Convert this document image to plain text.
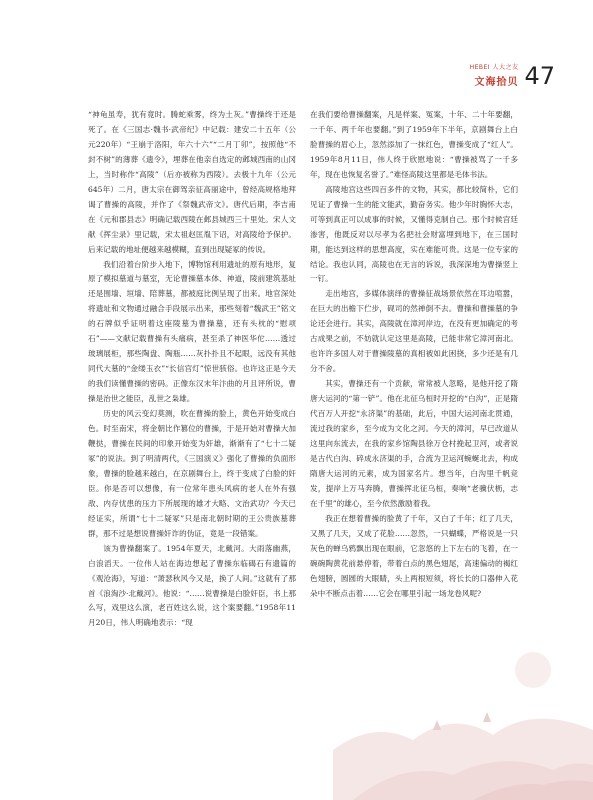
HEBEI 人大之友
文海拾贝 47

“神龟虽寿，犹有竟时。腾蛇乘雾，终为土灰。”曹操终于还是死了。在《三国志·魏书·武帝纪》中记载：建安二十五年（公元220年）“王崩于洛阳，年六十六”“二月丁卯”，按照他“不封不树”的薄葬《遗令》，埋葬在他亲自选定的邺城西南的山冈上，当时称作“高陵”（后亦被称为西陵）。去极十九年（公元645年）二月，唐太宗在御驾亲征高丽途中，曾经高规格地拜谒了曹操的高陵，并作了《祭魏武帝文》。唐代后期，李吉甫在《元和郡县志》明确记载西陵在邺县城西三十里处。宋人文献《挥尘录》里记载，宋太祖赵匡胤下诏，对高陵给予保护。后来记载的地址便越来越模糊，直到出现疑冢的传说。

我们沿着台阶步入地下，博物馆利用遗址的原有地形，复原了模拟墓道与墓室，无论曹操墓本体、神道，陵前建筑基址还是围墙、垣墙、陪葬墓，都被庭比例呈现了出来。地官深处将遗址和文物通过融合手段展示出来，那些刻着“魏武王”铭文的石牌似乎证明着这座陵墓为曹操墓，还有头枕的“慰项石”——文献记载曹操有头痛病，甚至杀了神医华佗……透过玻璃展柜，那些陶盘、陶瓶……灰扑扑且不起眼，远没有其他同代大墓的“金缕玉衣”“长信宫灯”惊世骇俗。也许这正是今天的我们读懂曹操的密码。正像东汉末年汴曲的月且评所说，曹操是治世之能臣，乱世之枭雄。

历史的风云变幻莫测，吹在曹操的脸上，黄色开始变成白色。时至南宋，将金朝比作篡位的曹操，于是开始对曹操大加鞭挞，曹操在民间的印象开始变为奸雄，渐渐有了“七十二疑冢”的说法。到了明清两代，《三国演义》强化了曹操的负面形象，曹操的脸越来越白，在京剧舞台上，终于变成了白脸的奸臣。你是否可以想像，有一位常年患头风病的老人在外有强敌、内存忧患的压力下所展现的雄才大略、文治武功？今天已经证实，所谓“七十二疑冢”只是南北朝时期的王公贵族墓葬群，那不过是想说曹操奸诈的伪证，竟是一段错案。

该为曹操翻案了。1954年夏天，北戴河。大雨落幽燕，白浪滔天。一位伟人站在海边想起了曹操东临碣石有遗篇的《观沧海》，写道：“萧瑟秋风今又是，换了人间。”这就有了那首《浪淘沙·北戴河》。他说：“……说曹操是白脸奸臣，书上那么写，戏里这么演，老百姓这么说，这个案要翻。”1958年11月20日，伟人明确地表示：“现

在我们要给曹操翻案，凡是样案、冤案，十年、二十年要翻，一千年、两千年也要翻。”到了1959年下半年，京剧舞台上白脸曹操的眉心上，忽然添加了一抹红色，曹操变成了“红人”。1959年8月11日，伟人终于欣慰地说：“曹操被骂了一千多年，现在也恢复名誉了。”难怪高陵这里都是毛体书法。

高陵地宫这些四百多件的文物，其实，都比较简朴，它们见证了曹操一生的能文能武，勤奋务实。他少年时胸怀大志，可等到真正可以成事的时候，又懂得克制自己。那个时候宫廷渗害，他既反对以尽孝为名把社会财富埋到地下，在三国时期，能达到这样的思想高度，实在难能可贵。这是一位专家的结论。我也认同，高陵也在无言的诉说，我深深地为曹操竖上一钉。

走出地宫，多媒体演绎的曹操征战场景依然在耳边喧嚣，在巨大的出檐下伫步，砚司的然禅倒不去。曹操和曹操墓的争论还会进行。其实，高陵就在漳河岸边，在没有更加确定的考古成果之前，不妨就认定这里是高陵，已能非常它漳河南北。也许许多国人对于曹操陵墓的真相被如此困挠，多少还是有几分不舍。

其实，曹操还有一个贡献，常常被人忽略，是他开挖了隋唐大运河的“第一铲”。他在北征乌桓时开挖的“白沟”，正是隋代百万人开挖“永济渠”的基础，此后，中国大运河南北贯通，流过我的家乡，至今成为文化之河。今天的漳河，早已改道从这里向东流去，在我的家乡馆陶县徐万仓村挽起卫河，或者说是古代白沟、碎成永济渠的手，合流为卫运河蜿蜒北去，构成隋唐大运河的元素，成为国家名片。想当年，白沟里千帆竞发，提岸上万马奔腾，曹操挥北征乌桓，奏响“老骥伏枥，志在千里”的雄心，至今依然激励着我。

我正在想着曹操的脸黄了千年，又白了千年；红了几天，又黑了几天，又成了花脸……忽然，一只蝴蝶，严格说是一只灰色的蝉乌鸦飘出现在眼前，它忽悠的上下左右的飞着，在一碗碗陶黄花前悬停着，带着白点的黑色翅尾，高速偏动的褐红色翅膀，圆圆的大眼睛，头上两根短须，将长长的口器伸入花朵中不断点击着……它会在哪里引起一场龙卷风呢?
